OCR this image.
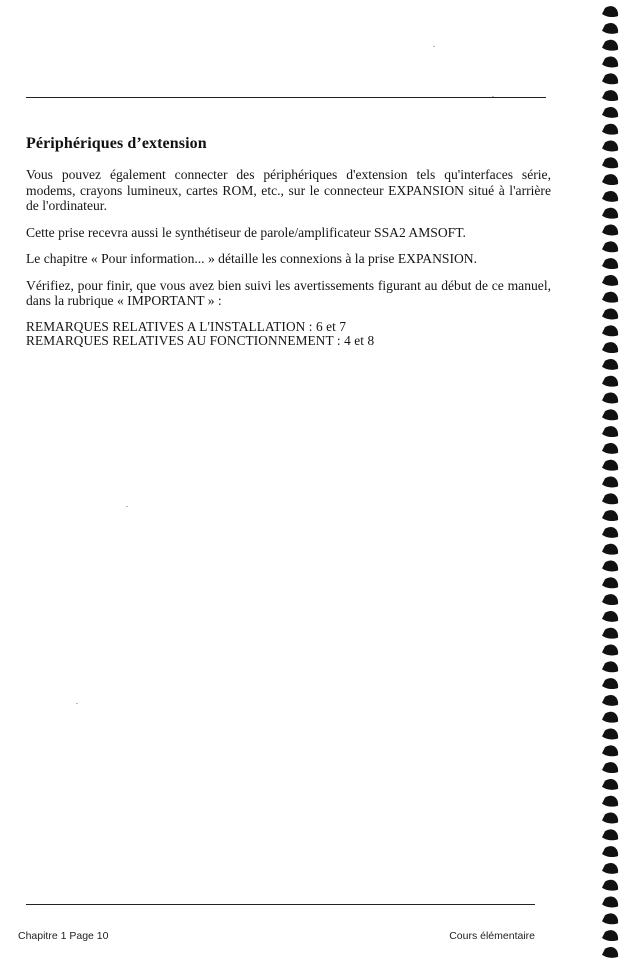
Périphériques d’extension

Vous pouvez également connecter des périphériques d'extension tels qu'interfaces série, modems, crayons lumineux, cartes ROM, etc., sur le connecteur EXPANSION situé à l'arrière de l'ordinateur.

Cette prise recevra aussi le synthétiseur de parole/amplificateur SSA2 AMSOFT.

Le chapitre « Pour information... » détaille les connexions à la prise EXPANSION.

Vérifiez, pour finir, que vous avez bien suivi les avertissements figurant au début de ce manuel, dans la rubrique « IMPORTANT » :

REMARQUES RELATIVES A L'INSTALLATION : 6 et 7
REMARQUES RELATIVES AU FONCTIONNEMENT : 4 et 8
Chapitre 1 Page 10	Cours élémentaire
